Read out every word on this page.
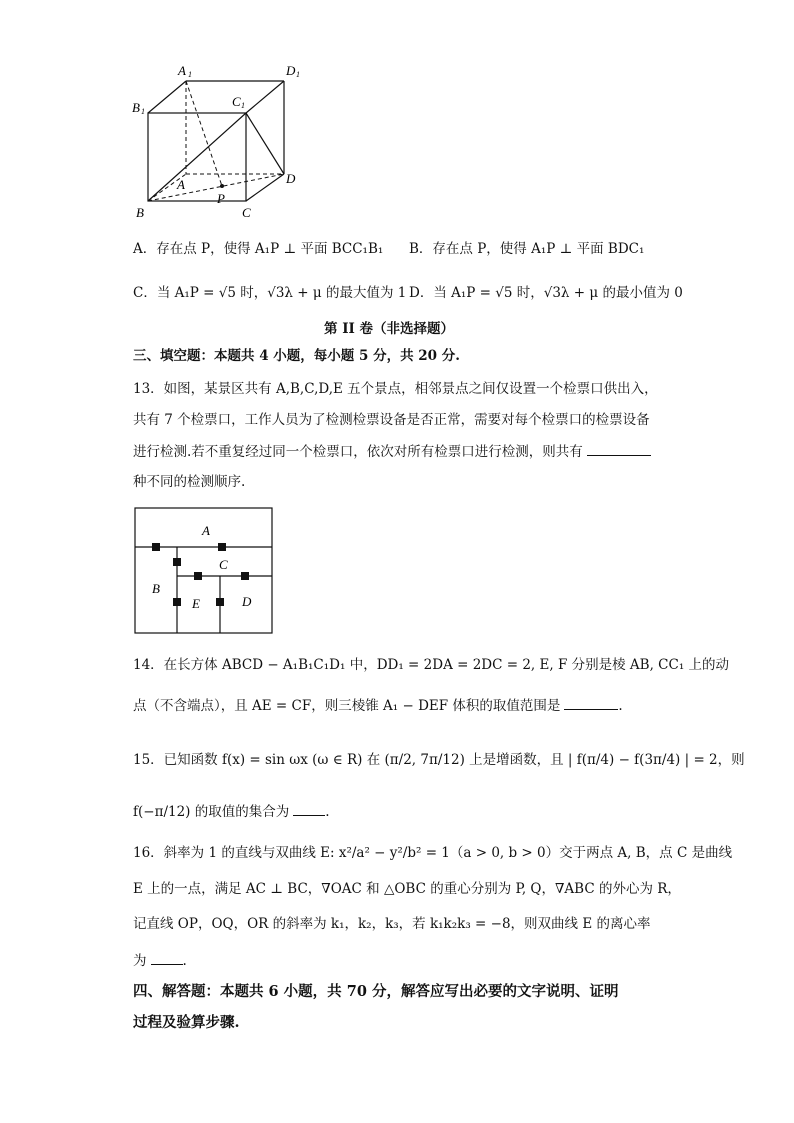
A 1	D 1
B 1
C 1
A
B	C
D
P
A．存在点 P，使得 A₁P ⊥ 平面 BCC₁B₁ B．存在点 P，使得 A₁P ⊥ 平面 BDC₁
C．当 A₁P = √5 时，√3λ + μ 的最大值为 1 D．当 A₁P = √5 时，√3λ + μ 的最小值为 0
第 II 卷（非选择题）
三、填空题：本题共 4 小题，每小题 5 分，共 20 分.
13．如图，某景区共有 A,B,C,D,E 五个景点，相邻景点之间仅设置一个检票口供出入，
共有 7 个检票口，工作人员为了检测检票设备是否正常，需要对每个检票口的检票设备
进行检测.若不重复经过同一个检票口，依次对所有检票口进行检测，则共有
种不同的检测顺序.
A
C
B
E	D
14．在长方体 ABCD − A₁B₁C₁D₁ 中，DD₁ = 2DA = 2DC = 2, E, F 分别是棱 AB, CC₁ 上的动
点（不含端点），且 AE = CF，则三棱锥 A₁ − DEF 体积的取值范围是	.
15．已知函数 f(x) = sin ωx (ω ∈ R) 在 (π/2, 7π/12) 上是增函数，且 | f(π/4) − f(3π/4) | = 2，则
f(−π/12) 的取值的集合为	.
16．斜率为 1 的直线与双曲线 E: x²/a² − y²/b² = 1（a > 0, b > 0）交于两点 A, B，点 C 是曲线
E 上的一点，满足 AC ⊥ BC，∇OAC 和 △OBC 的重心分别为 P, Q，∇ABC 的外心为 R，
记直线 OP，OQ，OR 的斜率为 k₁，k₂，k₃，若 k₁k₂k₃ = −8，则双曲线 E 的离心率
为	.
四、解答题：本题共 6 小题，共 70 分，解答应写出必要的文字说明、证明
过程及验算步骤.
